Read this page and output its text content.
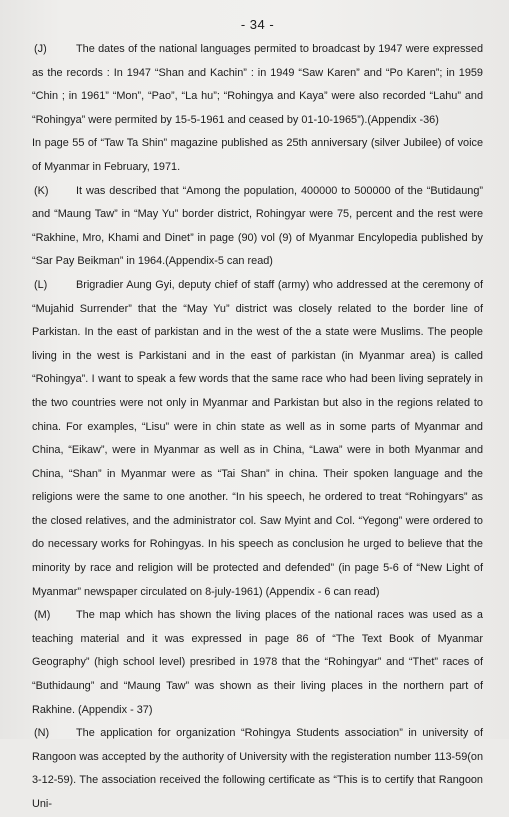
- 34 -

(J)	The dates of the national languages permited to broadcast by 1947 were expressed as the records : In 1947 “Shan and Kachin” : in 1949 “Saw Karen” and “Po Karen”; in 1959 “Chin ; in 1961” “Mon”, “Pao”, “La hu”; “Rohingya and Kaya” were also recorded “Lahu” and “Rohingya” were permited by 15-5-1961 and ceased by 01-10-1965”).(Appendix -36)

In page 55 of “Taw Ta Shin” magazine published as 25th anniversary (silver Jubilee) of voice of Myanmar in February, 1971.

(K)	It was described that “Among the population, 400000 to 500000 of the “Butidaung” and “Maung Taw” in “May Yu” border district, Rohingyar were 75, percent and the rest were “Rakhine, Mro, Khami and Dinet” in page (90) vol (9) of Myanmar Encylopedia published by “Sar Pay Beikman” in 1964.(Appendix-5 can read)

(L)	Brigradier Aung Gyi, deputy chief of staff (army) who addressed at the ceremony of “Mujahid Surrender” that the “May Yu” district was closely related to the border line of Parkistan. In the east of parkistan and in the west of the a state were Muslims. The people living in the west is Parkistani and in the east of parkistan (in Myanmar area) is called “Rohingya”. I want to speak a few words that the same race who had been living seprately in the two countries were not only in Myanmar and Parkistan but also in the regions related to china. For examples, “Lisu” were in chin state as well as in some parts of Myanmar and China, “Eikaw”, were in Myanmar as well as in China, “Lawa” were in both Myanmar and China, “Shan” in Myanmar were as “Tai Shan” in china. Their spoken language and the religions were the same to one another. “In his speech, he ordered to treat “Rohingyars” as the closed relatives, and the administrator col. Saw Myint and Col. “Yegong” were ordered to do necessary works for Rohingyas. In his speech as conclusion he urged to believe that the minority by race and religion will be protected and defended” (in page 5-6 of “New Light of Myanmar” newspaper circulated on 8-july-1961) (Appendix - 6 can read)

(M) The map which has shown the living places of the national races was used as a teaching material and it was expressed in page 86 of “The Text Book of Myanmar Geography” (high school level) presribed in 1978 that the “Rohingyar” and “Thet” races of “Buthidaung” and “Maung Taw” was shown as their living places in the northern part of Rakhine. (Appendix - 37)

(N) The application for organization “Rohingya Students association” in university of Rangoon was accepted by the authority of University with the registeration number 113-59(on 3-12-59). The association received the following certificate as “This is to certify that Rangoon Uni-
